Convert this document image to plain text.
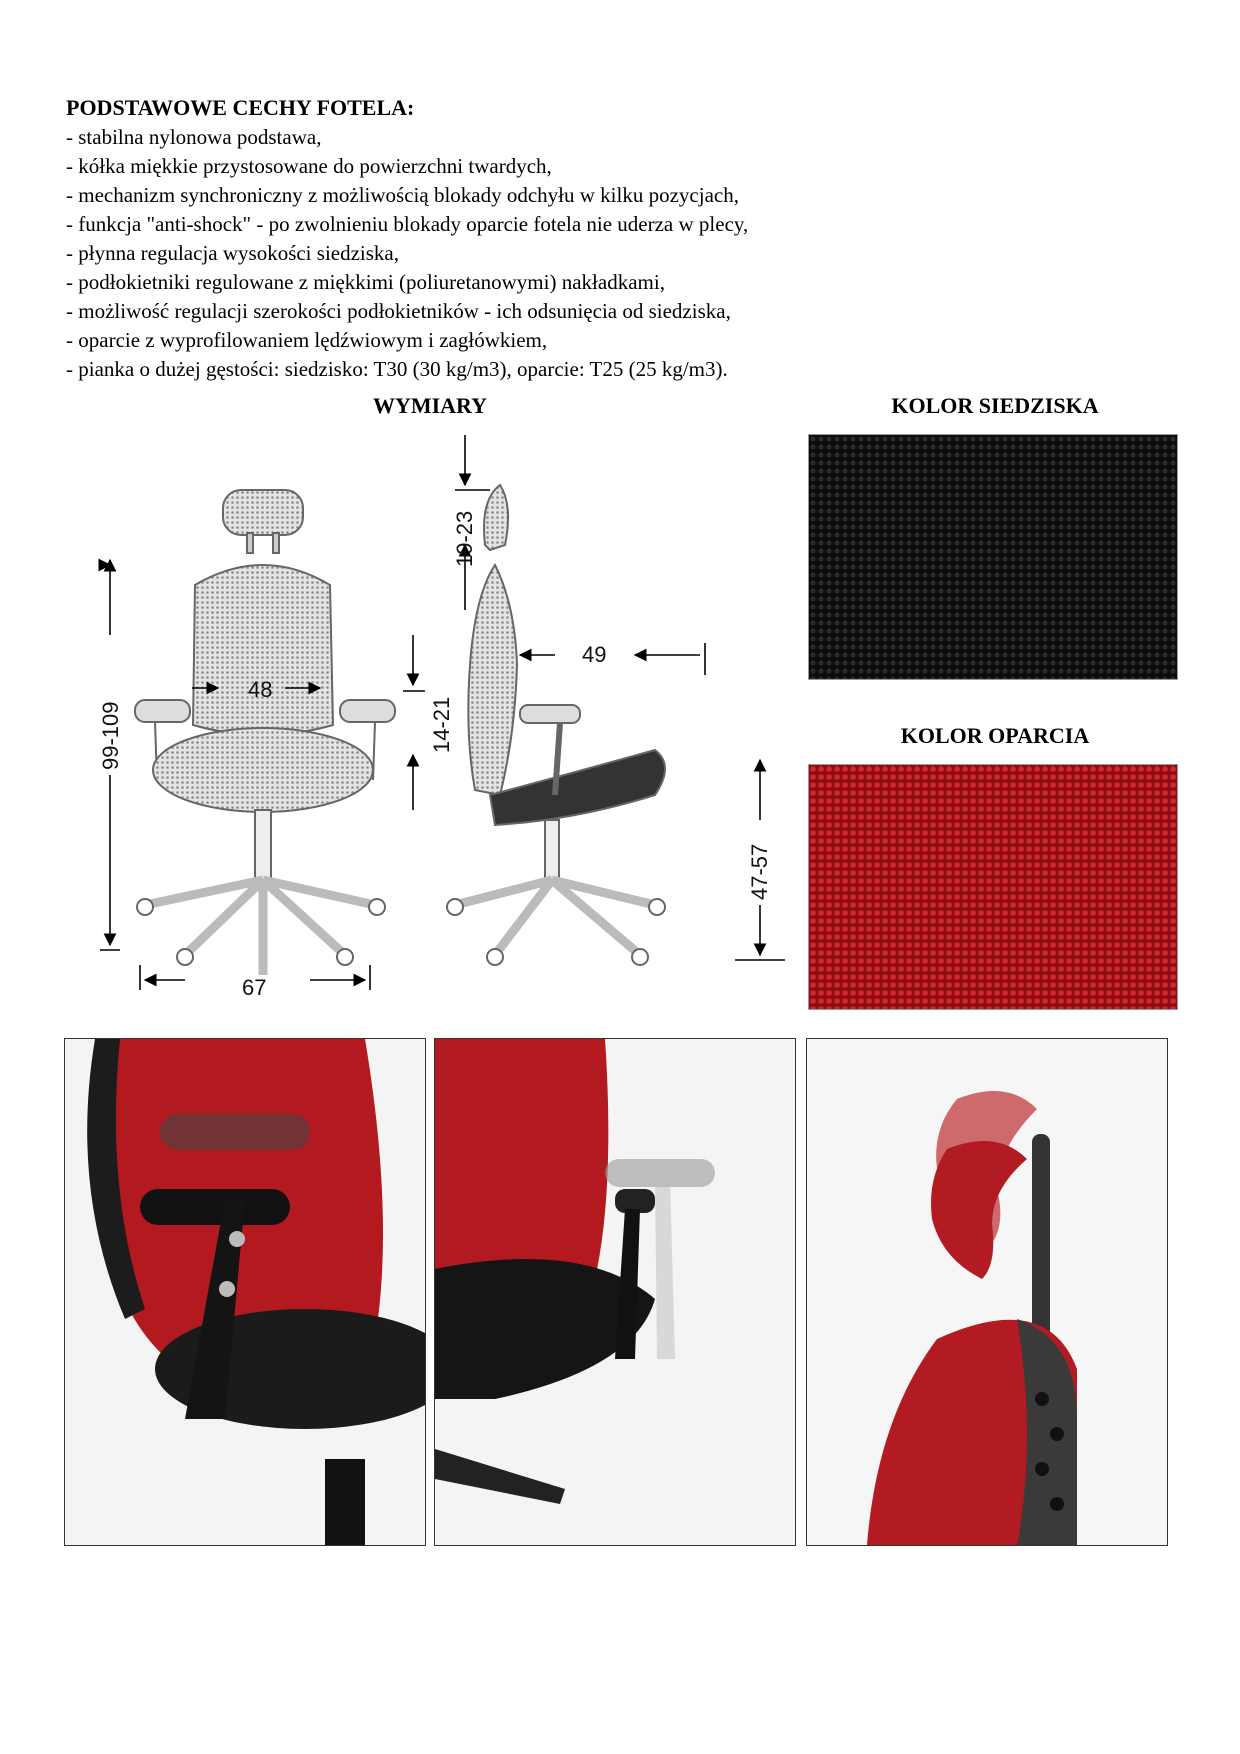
PODSTAWOWE CECHY FOTELA:
- stabilna nylonowa podstawa,
- kółka miękkie przystosowane do powierzchni twardych,
- mechanizm synchroniczny z możliwością blokady odchyłu w kilku pozycjach,
- funkcja "anti-shock" - po zwolnieniu blokady oparcie fotela nie uderza w plecy,
- płynna regulacja wysokości siedziska,
- podłokietniki regulowane z miękkimi (poliuretanowymi) nakładkami,
- możliwość regulacji szerokości podłokietników - ich odsunięcia od siedziska,
- oparcie z wyprofilowaniem lędźwiowym i zagłówkiem,
- pianka o dużej gęstości: siedzisko: T30 (30 kg/m3), oparcie: T25 (25 kg/m3).
WYMIARY	KOLOR SIEDZISKA
KOLOR OPARCIA
99-109
48
67
19-23
14-21
49
47-57
